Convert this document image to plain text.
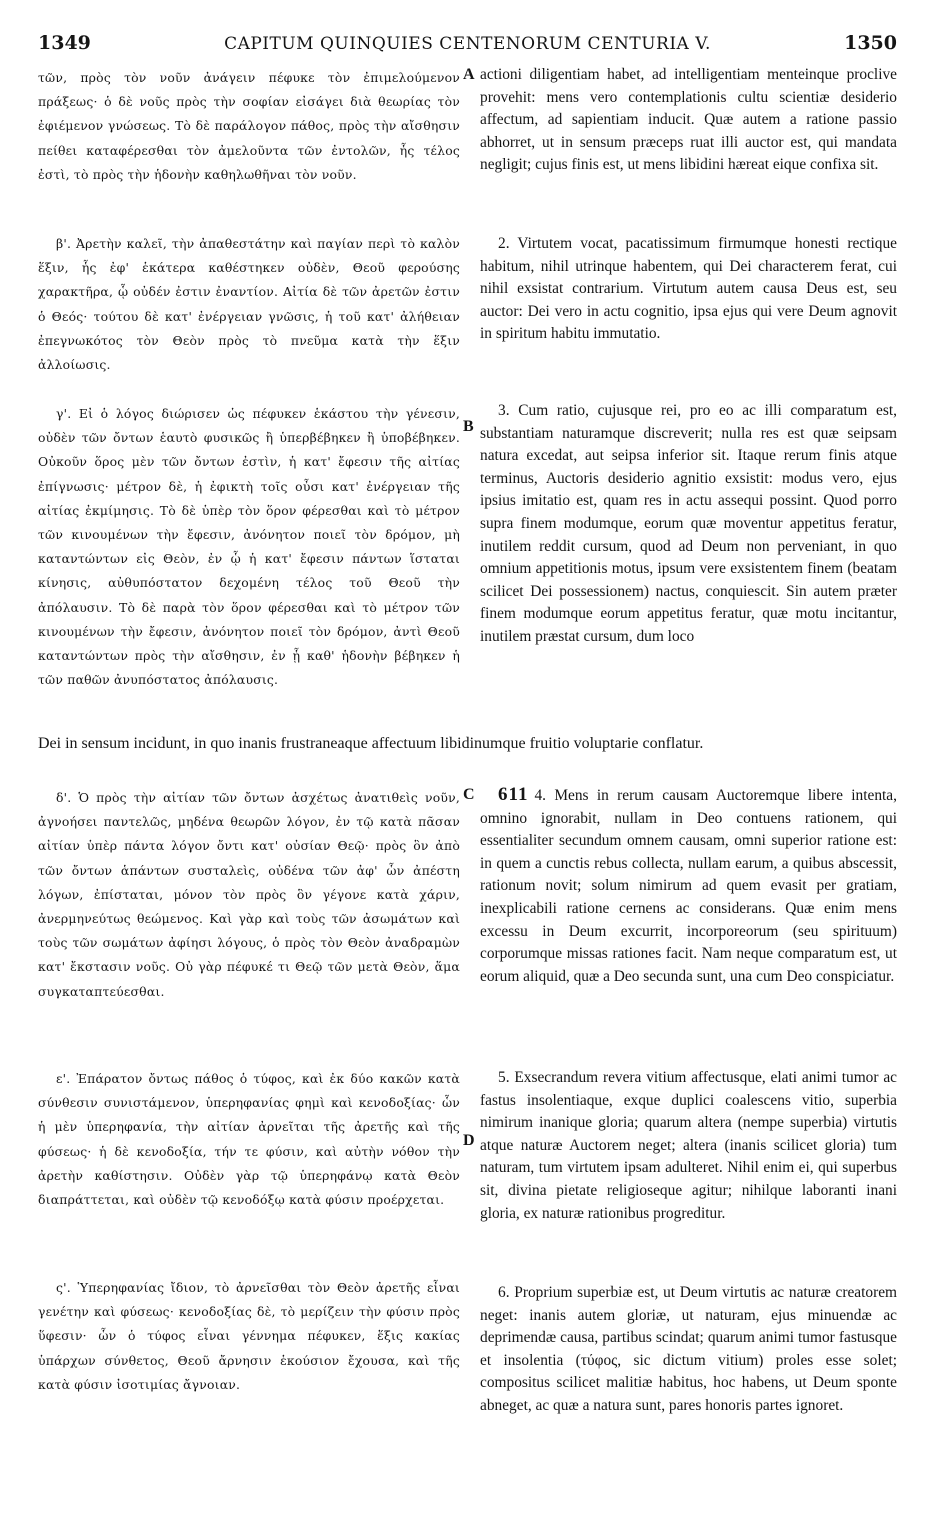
1349	CAPITUM QUINQUIES CENTENORUM CENTURIA V.	1350

τῶν, πρὸς τὸν νοῦν ἀνάγειν πέφυκε τὸν ἐπιμελούμενον πράξεως· ὁ δὲ νοῦς πρὸς τὴν σοφίαν εἰσάγει διὰ θεωρίας τὸν ἐφιέμενον γνώσεως. Τὸ δὲ παράλογον πάθος, πρὸς τὴν αἴσθησιν πείθει καταφέρεσθαι τὸν ἀμελοῦντα τῶν ἐντολῶν, ἧς τέλος ἐστὶ, τὸ πρὸς τὴν ἡδονὴν καθηλωθῆναι τὸν νοῦν.

β'. Ἀρετὴν καλεῖ, τὴν ἀπαθεστάτην καὶ παγίαν περὶ τὸ καλὸν ἕξιν, ἧς ἐφ' ἑκάτερα καθέστηκεν οὐδὲν, Θεοῦ φερούσης χαρακτῆρα, ᾧ οὐδέν ἐστιν ἐναντίον. Αἰτία δὲ τῶν ἀρετῶν ἐστιν ὁ Θεός· τούτου δὲ κατ' ἐνέργειαν γνῶσις, ἡ τοῦ κατ' ἀλήθειαν ἐπεγνωκότος τὸν Θεὸν πρὸς τὸ πνεῦμα κατὰ τὴν ἕξιν ἀλλοίωσις.

γ'. Εἰ ὁ λόγος διώρισεν ὡς πέφυκεν ἑκάστου τὴν γένεσιν, οὐδὲν τῶν ὄντων ἑαυτὸ φυσικῶς ἢ ὑπερβέβηκεν ἢ ὑποβέβηκεν. Οὐκοῦν ὅρος μὲν τῶν ὄντων ἐστὶν, ἡ κατ' ἔφεσιν τῆς αἰτίας ἐπίγνωσις· μέτρον δὲ, ἡ ἐφικτὴ τοῖς οὖσι κατ' ἐνέργειαν τῆς αἰτίας ἐκμίμησις. Τὸ δὲ ὑπὲρ τὸν ὅρον φέρεσθαι καὶ τὸ μέτρον τῶν κινουμένων τὴν ἔφεσιν, ἀνόνητον ποιεῖ τὸν δρόμον, μὴ καταντώντων εἰς Θεὸν, ἐν ᾧ ἡ κατ' ἔφεσιν πάντων ἵσταται κίνησις, αὐθυπόστατον δεχομένη τέλος τοῦ Θεοῦ τὴν ἀπόλαυσιν. Τὸ δὲ παρὰ τὸν ὅρον φέρεσθαι καὶ τὸ μέτρον τῶν κινουμένων τὴν ἔφεσιν, ἀνόνητον ποιεῖ τὸν δρόμον, ἀντὶ Θεοῦ καταντώντων πρὸς τὴν αἴσθησιν, ἐν ᾗ καθ' ἡδονὴν βέβηκεν ἡ τῶν παθῶν ἀνυπόστατος ἀπόλαυσις.

actioni diligentiam habet, ad intelligentiam menteinque proclive provehit: mens vero contemplationis cultu scientiæ desiderio affectum, ad sapientiam inducit. Quæ autem a ratione passio abhorret, ut in sensum præceps ruat illi auctor est, qui mandata negligit; cujus finis est, ut mens libidini hæreat eique confixa sit.

2. Virtutem vocat, pacatissimum firmumque honesti rectique habitum, nihil utrinque habentem, qui Dei characterem ferat, cui nihil exsistat contrarium. Virtutum autem causa Deus est, seu auctor: Dei vero in actu cognitio, ipsa ejus qui vere Deum agnovit in spiritum habitu immutatio.

3. Cum ratio, cujusque rei, pro eo ac illi comparatum est, substantiam naturamque discreverit; nulla res est quæ seipsam natura excedat, aut seipsa inferior sit. Itaque rerum finis atque terminus, Auctoris desiderio agnitio exsistit: modus vero, ejus ipsius imitatio est, quam res in actu assequi possint. Quod porro supra finem modumque, eorum quæ moventur appetitus feratur, inutilem reddit cursum, quod ad Deum non perveniant, in quo omnium appetitionis motus, ipsum vere exsistentem finem (beatam scilicet Dei possessionem) nactus, conquiescit. Sin autem præter finem modumque eorum appetitus feratur, quæ motu incitantur, inutilem præstat cursum, dum loco

A
B
C
D
Dei in sensum incidunt, in quo inanis frustraneaque affectuum libidinumque fruitio voluptarie conflatur.

δ'. Ὁ πρὸς τὴν αἰτίαν τῶν ὄντων ἀσχέτως ἀνατιθεὶς νοῦν, ἀγνοήσει παντελῶς, μηδένα θεωρῶν λόγον, ἐν τῷ κατὰ πᾶσαν αἰτίαν ὑπὲρ πάντα λόγον ὄντι κατ' οὐσίαν Θεῷ· πρὸς ὃν ἀπὸ τῶν ὄντων ἁπάντων συσταλεὶς, οὐδένα τῶν ἀφ' ὧν ἀπέστη λόγων, ἐπίσταται, μόνον τὸν πρὸς ὃν γέγονε κατὰ χάριν, ἀνερμηνεύτως θεώμενος. Καὶ γὰρ καὶ τοὺς τῶν ἀσωμάτων καὶ τοὺς τῶν σωμάτων ἀφίησι λόγους, ὁ πρὸς τὸν Θεὸν ἀναδραμὼν κατ' ἔκστασιν νοῦς. Οὐ γὰρ πέφυκέ τι Θεῷ τῶν μετὰ Θεὸν, ἅμα συγκαταπτεύεσθαι.

ε'. Ἐπάρατον ὄντως πάθος ὁ τύφος, καὶ ἐκ δύο κακῶν κατὰ σύνθεσιν συνιστάμενον, ὑπερηφανίας φημὶ καὶ κενοδοξίας· ὧν ἡ μὲν ὑπερηφανία, τὴν αἰτίαν ἀρνεῖται τῆς ἀρετῆς καὶ τῆς φύσεως· ἡ δὲ κενοδοξία, τήν τε φύσιν, καὶ αὐτὴν νόθον τὴν ἀρετὴν καθίστησιν. Οὐδὲν γὰρ τῷ ὑπερηφάνῳ κατὰ Θεὸν διαπράττεται, καὶ οὐδὲν τῷ κενοδόξῳ κατὰ φύσιν προέρχεται.

ς'. Ὑπερηφανίας ἴδιον, τὸ ἀρνεῖσθαι τὸν Θεὸν ἀρετῆς εἶναι γενέτην καὶ φύσεως· κενοδοξίας δὲ, τὸ μερίζειν τὴν φύσιν πρὸς ὕφεσιν· ὧν ὁ τύφος εἶναι γέννημα πέφυκεν, ἕξις κακίας ὑπάρχων σύνθετος, Θεοῦ ἄρνησιν ἑκούσιον ἔχουσα, καὶ τῆς κατὰ φύσιν ἰσοτιμίας ἄγνοιαν.

611 4. Mens in rerum causam Auctoremque libere intenta, omnino ignorabit, nullam in Deo contuens rationem, qui essentialiter secundum omnem causam, omni superior ratione est: in quem a cunctis rebus collecta, nullam earum, a quibus abscessit, rationum novit; solum nimirum ad quem evasit per gratiam, inexplicabili ratione cernens ac considerans. Quæ enim mens excessu in Deum excurrit, incorporeorum (seu spirituum) corporumque missas rationes facit. Nam neque comparatum est, ut eorum aliquid, quæ a Deo secunda sunt, una cum Deo conspiciatur.

5. Exsecrandum revera vitium affectusque, elati animi tumor ac fastus insolentiaque, exque duplici coalescens vitio, superbia nimirum inanique gloria; quarum altera (nempe superbia) virtutis atque naturæ Auctorem neget; altera (inanis scilicet gloria) tum naturam, tum virtutem ipsam adulteret. Nihil enim ei, qui superbus sit, divina pietate religioseque agitur; nihilque laboranti inani gloria, ex naturæ rationibus progreditur.

6. Proprium superbiæ est, ut Deum virtutis ac naturæ creatorem neget: inanis autem gloriæ, ut naturam, ejus minuendæ ac deprimendæ causa, partibus scindat; quarum animi tumor fastusque et insolentia (τύφος, sic dictum vitium) proles esse solet; compositus scilicet malitiæ habitus, hoc habens, ut Deum sponte abneget, ac quæ a natura sunt, pares honoris partes ignoret.
